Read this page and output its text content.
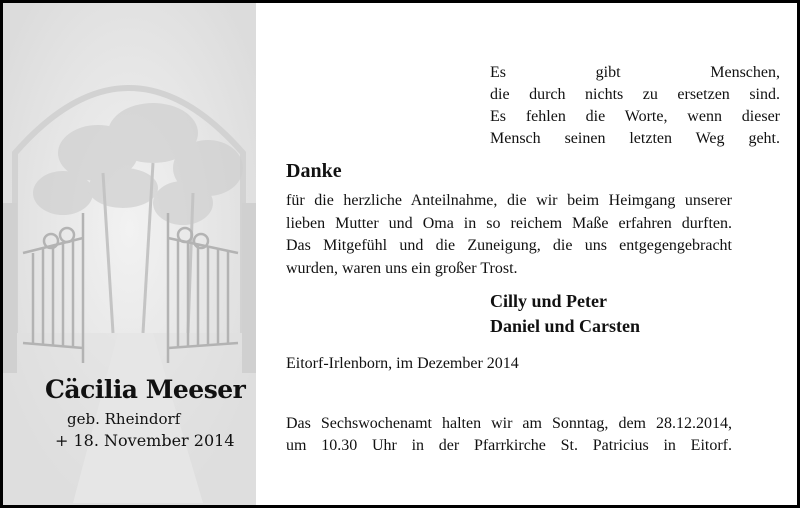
Cäcilia Meeser
geb. Rheindorf
+ 18. November 2014
Es gibt Menschen,
die durch nichts zu ersetzen sind.
Es fehlen die Worte, wenn dieser
Mensch seinen letzten Weg geht.
Danke
für die herzliche Anteilnahme, die wir beim Heimgang unserer
lieben Mutter und Oma in so reichem Maße erfahren durften.
Das Mitgefühl und die Zuneigung, die uns entgegengebracht
wurden, waren uns ein großer Trost.
Cilly und Peter
Daniel und Carsten
Eitorf-Irlenborn, im Dezember 2014
Das Sechswochenamt halten wir am Sonntag, dem 28.12.2014,
um 10.30 Uhr in der Pfarrkirche St. Patricius in Eitorf.
